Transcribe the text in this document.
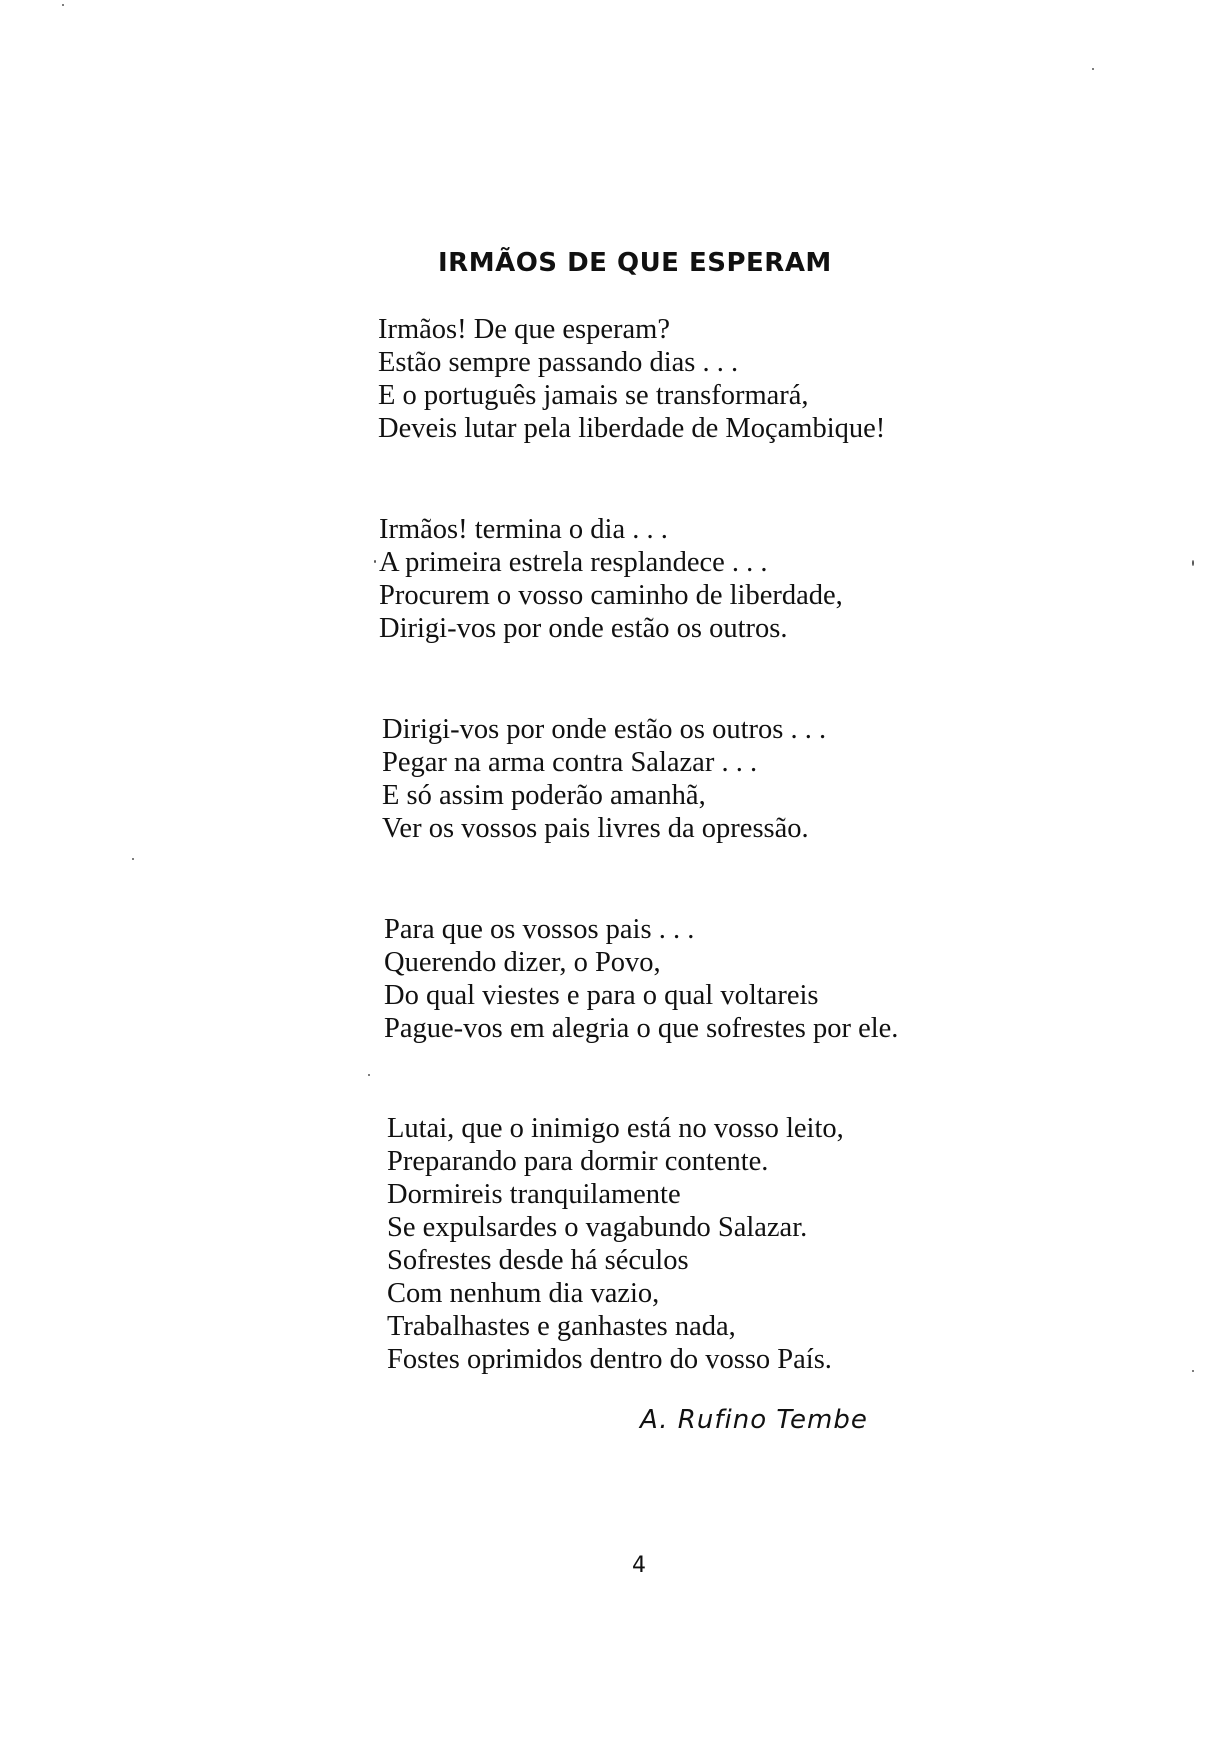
IRMÃOS DE QUE ESPERAM
Irmãos! De que esperam?
Estão sempre passando dias . . .
E o português jamais se transformará,
Deveis lutar pela liberdade de Moçambique!
Irmãos! termina o dia . . .
A primeira estrela resplandece . . .
Procurem o vosso caminho de liberdade,
Dirigi-vos por onde estão os outros.
Dirigi-vos por onde estão os outros . . .
Pegar na arma contra Salazar . . .
E só assim poderão amanhã,
Ver os vossos pais livres da opressão.
Para que os vossos pais . . .
Querendo dizer, o Povo,
Do qual viestes e para o qual voltareis
Pague-vos em alegria o que sofrestes por ele.
Lutai, que o inimigo está no vosso leito,
Preparando para dormir contente.
Dormireis tranquilamente
Se expulsardes o vagabundo Salazar.
Sofrestes desde há séculos
Com nenhum dia vazio,
Trabalhastes e ganhastes nada,
Fostes oprimidos dentro do vosso País.
A. Rufino Tembe
4
